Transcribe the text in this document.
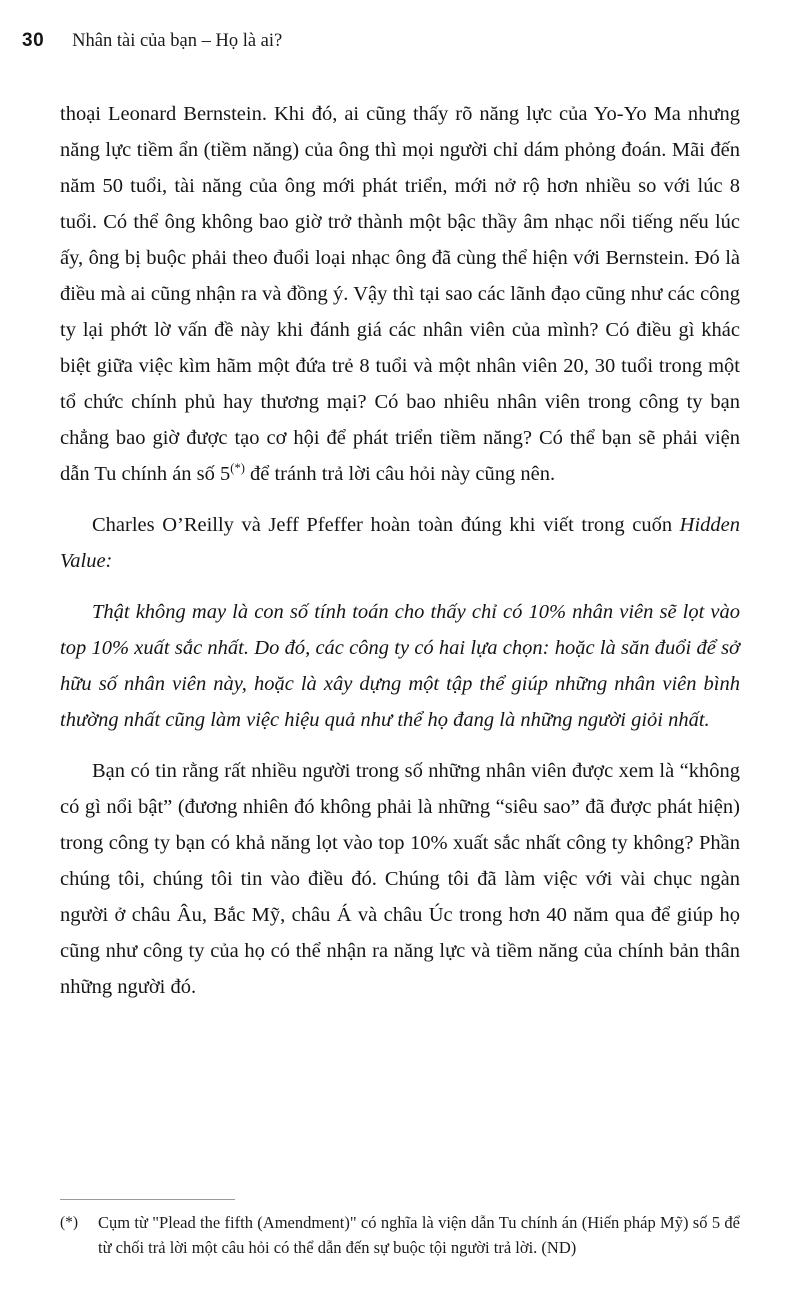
30 Nhân tài của bạn – Họ là ai?

thoại Leonard Bernstein. Khi đó, ai cũng thấy rõ năng lực của Yo-Yo Ma nhưng năng lực tiềm ẩn (tiềm năng) của ông thì mọi người chỉ dám phỏng đoán. Mãi đến năm 50 tuổi, tài năng của ông mới phát triển, mới nở rộ hơn nhiều so với lúc 8 tuổi. Có thể ông không bao giờ trở thành một bậc thầy âm nhạc nổi tiếng nếu lúc ấy, ông bị buộc phải theo đuổi loại nhạc ông đã cùng thể hiện với Bernstein. Đó là điều mà ai cũng nhận ra và đồng ý. Vậy thì tại sao các lãnh đạo cũng như các công ty lại phớt lờ vấn đề này khi đánh giá các nhân viên của mình? Có điều gì khác biệt giữa việc kìm hãm một đứa trẻ 8 tuổi và một nhân viên 20, 30 tuổi trong một tổ chức chính phủ hay thương mại? Có bao nhiêu nhân viên trong công ty bạn chẳng bao giờ được tạo cơ hội để phát triển tiềm năng? Có thể bạn sẽ phải viện dẫn Tu chính án số 5(*) để tránh trả lời câu hỏi này cũng nên.

Charles O’Reilly và Jeff Pfeffer hoàn toàn đúng khi viết trong cuốn Hidden Value:

Thật không may là con số tính toán cho thấy chỉ có 10% nhân viên sẽ lọt vào top 10% xuất sắc nhất. Do đó, các công ty có hai lựa chọn: hoặc là săn đuổi để sở hữu số nhân viên này, hoặc là xây dựng một tập thể giúp những nhân viên bình thường nhất cũng làm việc hiệu quả như thể họ đang là những người giỏi nhất.

Bạn có tin rằng rất nhiều người trong số những nhân viên được xem là “không có gì nổi bật” (đương nhiên đó không phải là những “siêu sao” đã được phát hiện) trong công ty bạn có khả năng lọt vào top 10% xuất sắc nhất công ty không? Phần chúng tôi, chúng tôi tin vào điều đó. Chúng tôi đã làm việc với vài chục ngàn người ở châu Âu, Bắc Mỹ, châu Á và châu Úc trong hơn 40 năm qua để giúp họ cũng như công ty của họ có thể nhận ra năng lực và tiềm năng của chính bản thân những người đó.

(*)	Cụm từ "Plead the fifth (Amendment)" có nghĩa là viện dẫn Tu chính án (Hiến pháp Mỹ) số 5 để từ chối trả lời một câu hỏi có thể dẫn đến sự buộc tội người trả lời. (ND)
